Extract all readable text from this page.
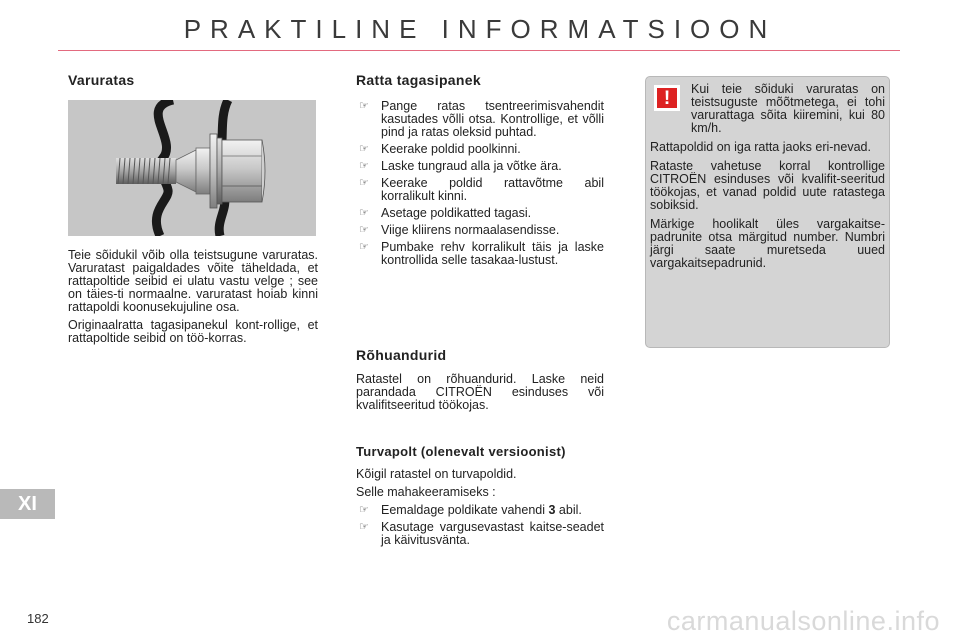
PRAKTILINE INFORMATSIOON
Varuratas

Teie sõidukil võib olla teistsugune varuratas. Varuratast paigaldades võite täheldada, et rattapoltide seibid ei ulatu vastu velge ; see on täies-ti normaalne. varuratast hoiab kinni rattapoldi koonusekujuline osa.

Originaalratta tagasipanekul kont-rollige, et rattapoltide seibid on töö-korras.

Ratta tagasipanek
☞ Pange ratas tsentreerimisvahendit kasutades võlli otsa. Kontrollige, et võlli pind ja ratas oleksid puhtad.
☞ Keerake poldid poolkinni.
☞ Laske tungraud alla ja võtke ära.
☞ Keerake poldid rattavõtme abil korralikult kinni.
☞ Asetage poldikatted tagasi.
☞ Viige kliirens normaalasendisse.
☞ Pumbake rehv korralikult täis ja laske kontrollida selle tasakaa-lustust.
Rõhuandurid

Ratastel on rõhuandurid. Laske neid parandada CITROËN esinduses või kvalifitseeritud töökojas.

Turvapolt (olenevalt versioonist)

Kõigil ratastel on turvapoldid.

Selle mahakeeramiseks :

☞ Eemaldage poldikate vahendi 3 abil.
☞ Kasutage vargusevastast kaitse-seadet ja käivitusvänta.
! Kui teie sõiduki varuratas on teistsuguste mõõtmetega, ei tohi varurattaga sõita kiiremini, kui 80 km/h.

Rattapoldid on iga ratta jaoks eri-nevad.

Rataste vahetuse korral kontrollige CITROËN esinduses või kvalifit-seeritud töökojas, et vanad poldid uute ratastega sobiksid.

Märkige hoolikalt üles vargakaitse-padrunite otsa märgitud number. Numbri järgi saate muretseda uued vargakaitsepadrunid.

XI
182	carmanualsonline.info
